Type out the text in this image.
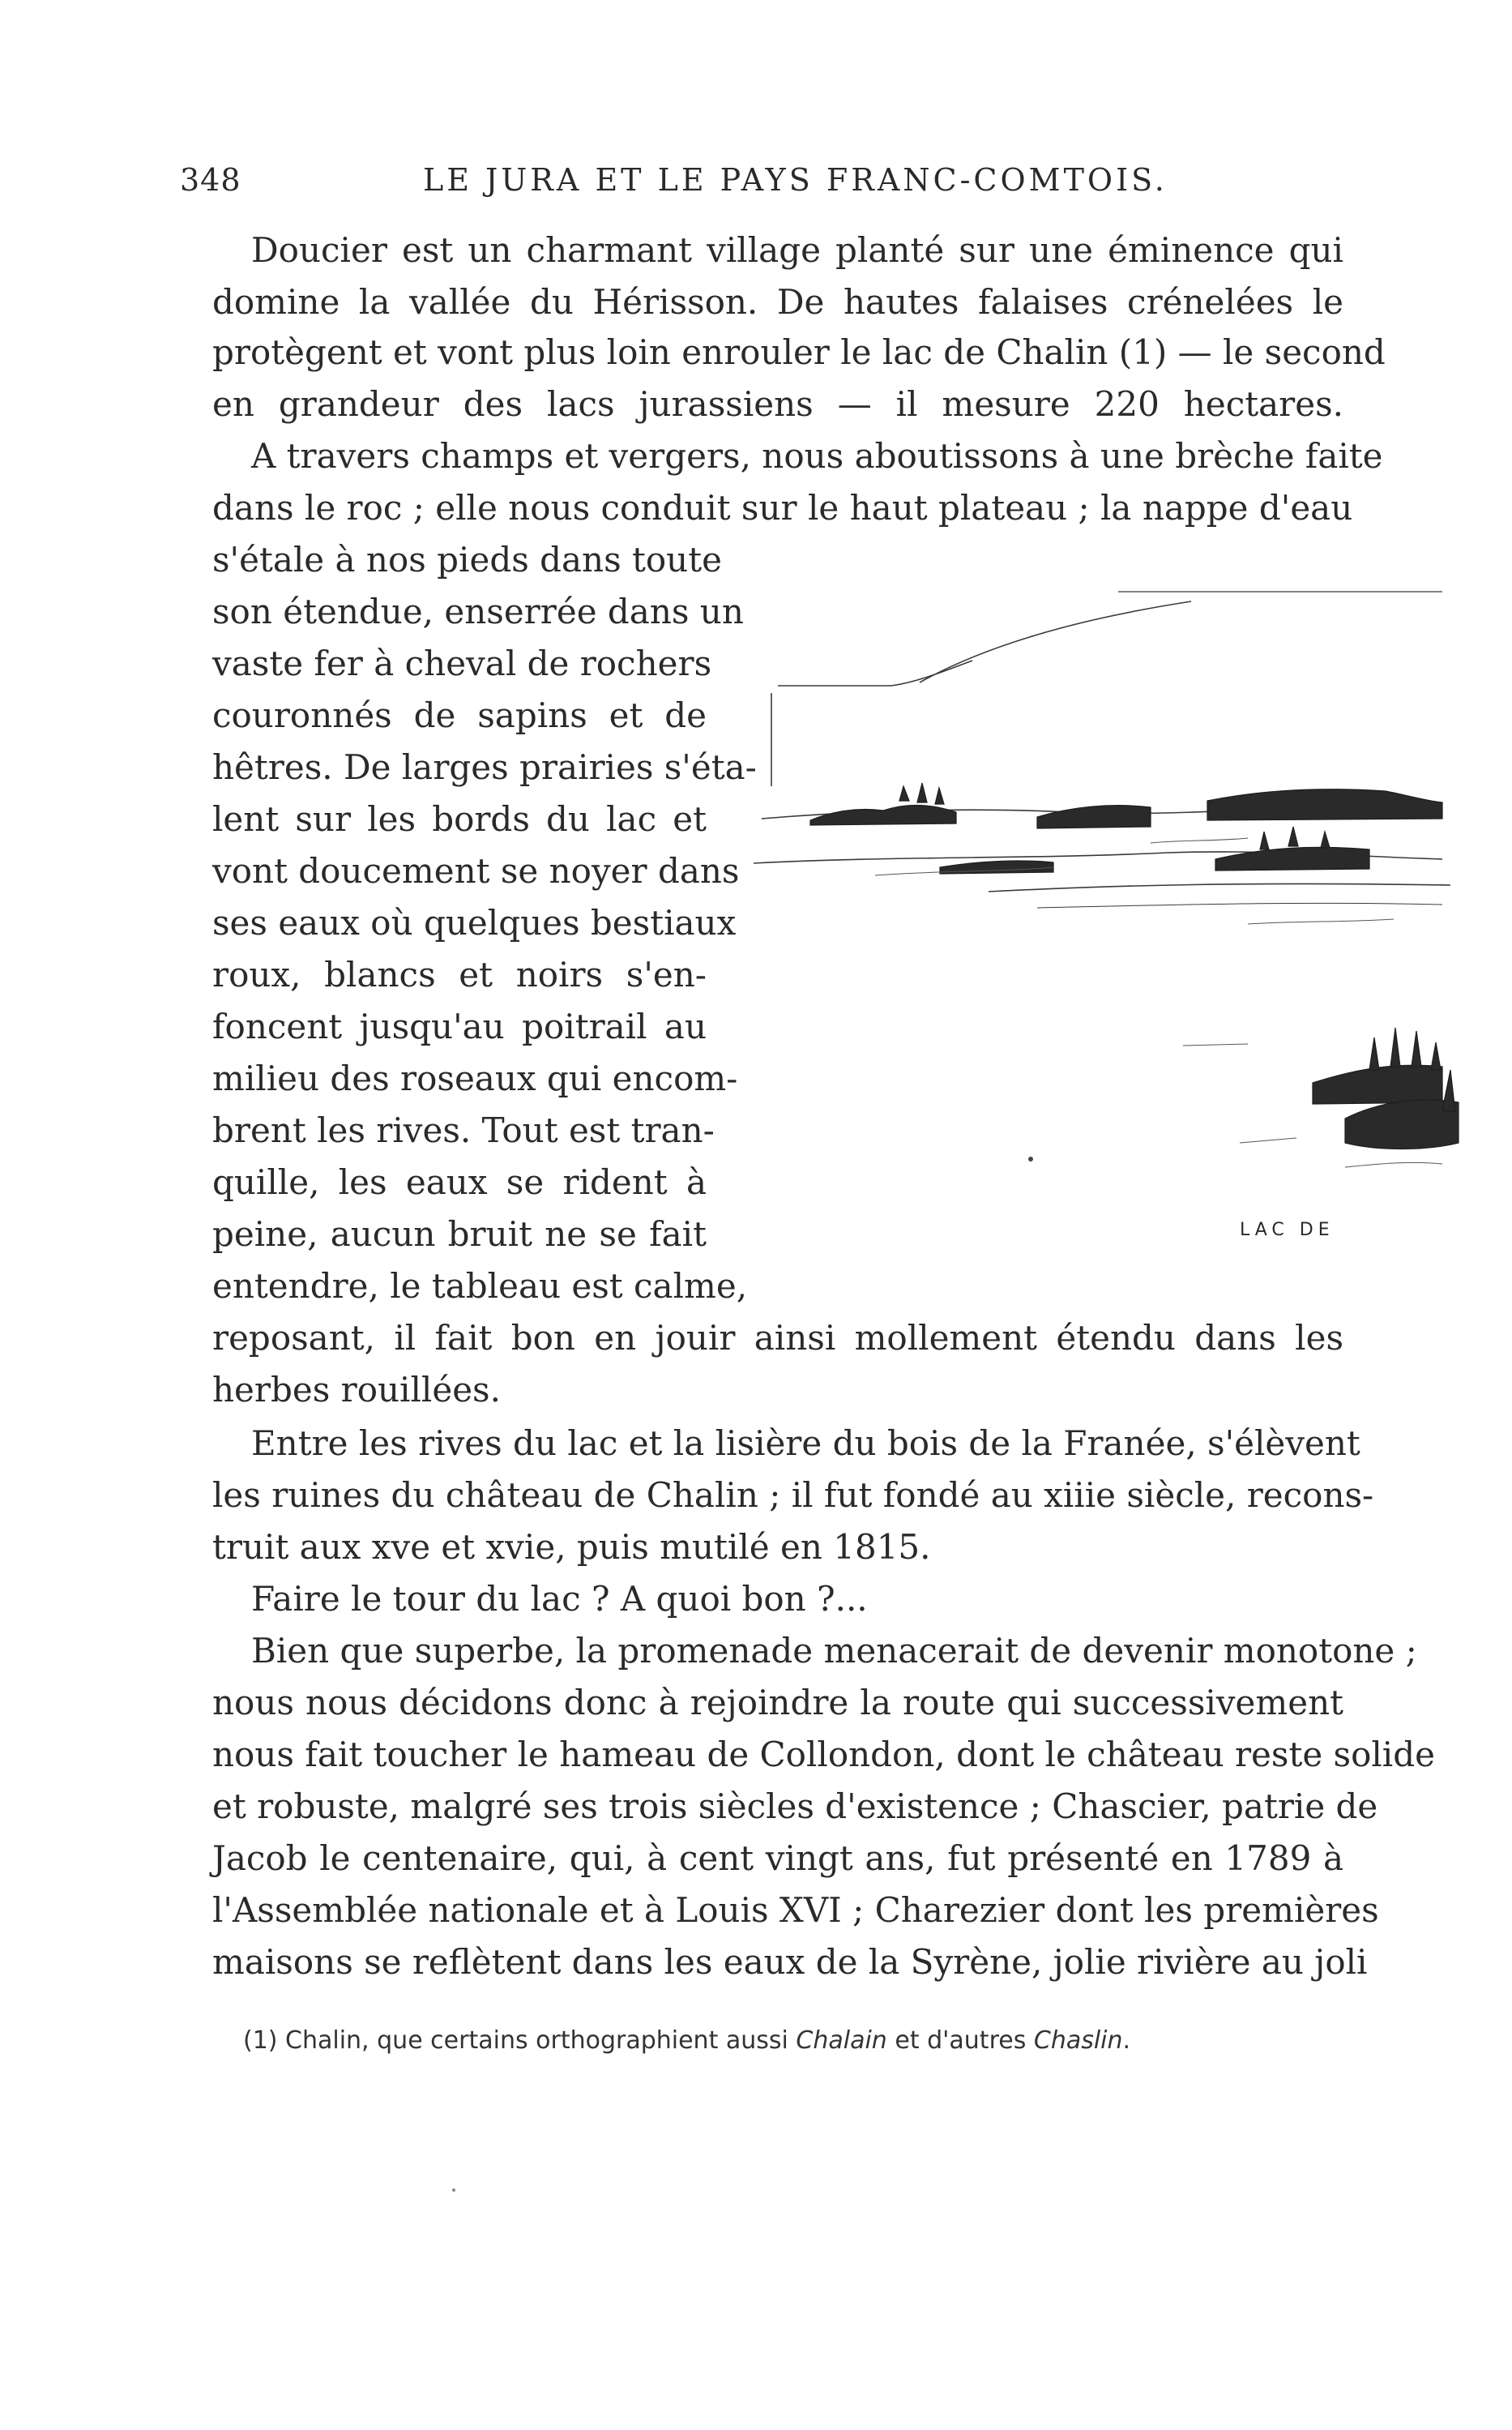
348	LE JURA ET LE PAYS FRANC-COMTOIS.
Doucier est un charmant village planté sur une éminence qui
domine la vallée du Hérisson. De hautes falaises crénelées le
protègent et vont plus loin enrouler le lac de Chalin (1) — le second
en grandeur des lacs jurassiens — il mesure 220 hectares.
A travers champs et vergers, nous aboutissons à une brèche faite
dans le roc ; elle nous conduit sur le haut plateau ; la nappe d'eau
s'étale à nos pieds dans toute
son étendue, enserrée dans un
vaste fer à cheval de rochers
couronnés de sapins et de
hêtres. De larges prairies s'éta-
lent sur les bords du lac et
vont doucement se noyer dans
ses eaux où quelques bestiaux
roux, blancs et noirs s'en-
foncent jusqu'au poitrail au
milieu des roseaux qui encom-
brent les rives. Tout est tran-
quille, les eaux se rident à
peine, aucun bruit ne se fait
entendre, le tableau est calme,
reposant, il fait bon en jouir ainsi mollement étendu dans les
herbes rouillées.
Entre les rives du lac et la lisière du bois de la Franée, s'élèvent
les ruines du château de Chalin ; il fut fondé au xiiie siècle, recons-
truit aux xve et xvie, puis mutilé en 1815.
Faire le tour du lac ? A quoi bon ?...
Bien que superbe, la promenade menacerait de devenir monotone ;
nous nous décidons donc à rejoindre la route qui successivement
nous fait toucher le hameau de Collondon, dont le château reste solide
et robuste, malgré ses trois siècles d'existence ; Chascier, patrie de
Jacob le centenaire, qui, à cent vingt ans, fut présenté en 1789 à
l'Assemblée nationale et à Louis XVI ; Charezier dont les premières
maisons se reflètent dans les eaux de la Syrène, jolie rivière au joli
LAC DE
(1) Chalin, que certains orthographient aussi Chalain et d'autres Chaslin.
